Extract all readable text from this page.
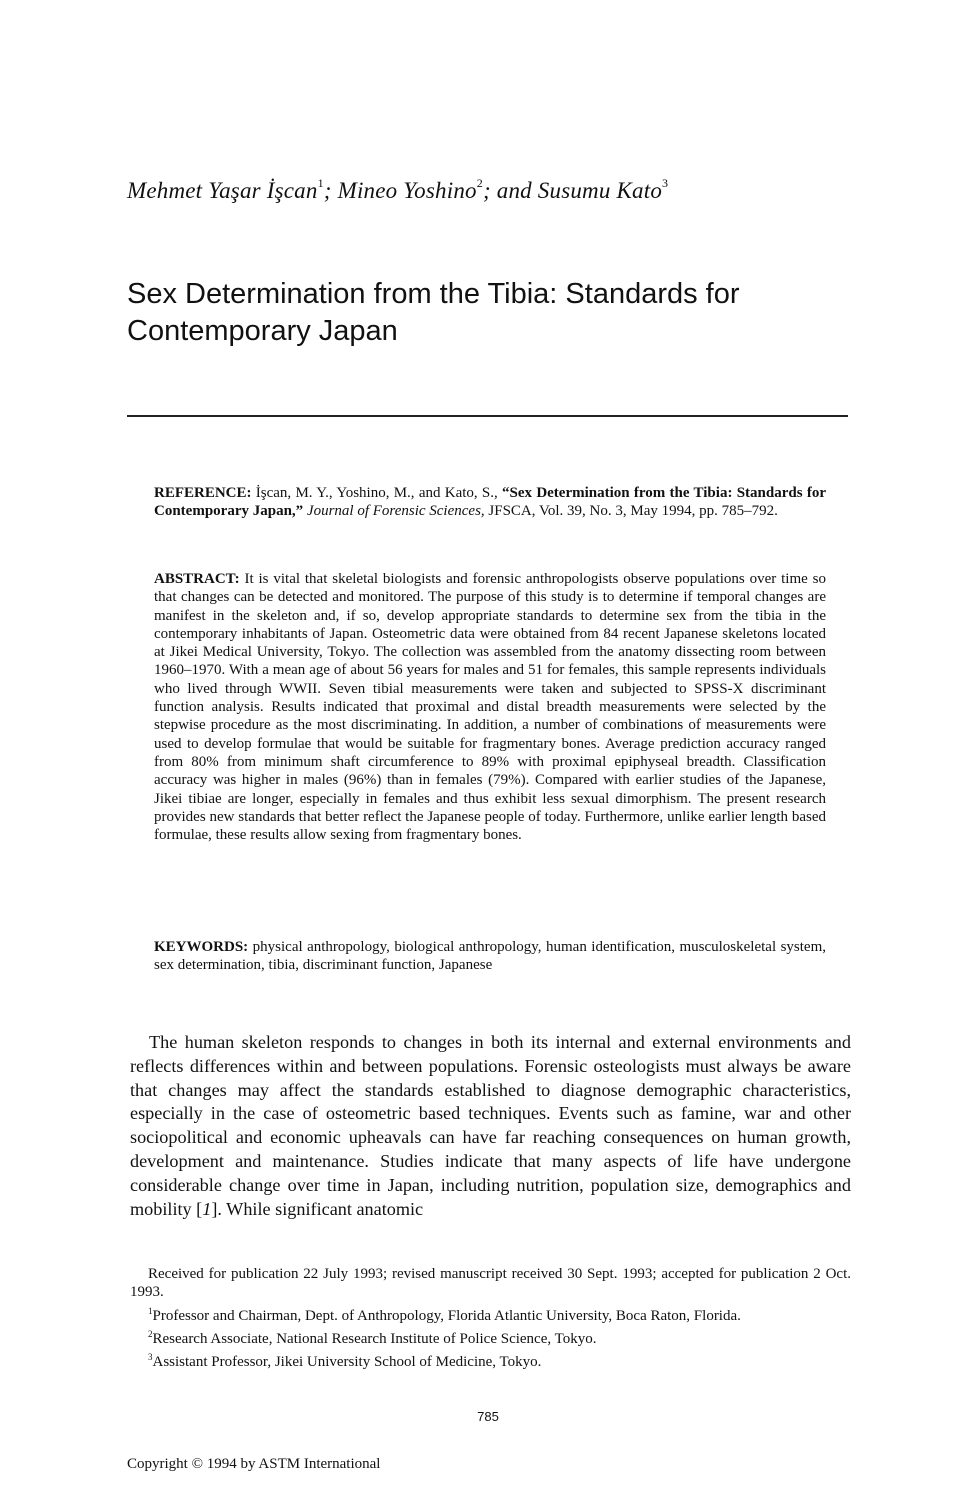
Mehmet Yaşar İşcan$^1$; Mineo Yoshino$^2$; and Susumu Kato$^3$
Sex Determination from the Tibia: Standards for Contemporary Japan
REFERENCE: İşcan, M. Y., Yoshino, M., and Kato, S., “Sex Determination from the Tibia: Standards for Contemporary Japan,” Journal of Forensic Sciences, JFSCA, Vol. 39, No. 3, May 1994, pp. 785–792.
ABSTRACT: It is vital that skeletal biologists and forensic anthropologists observe populations over time so that changes can be detected and monitored. The purpose of this study is to determine if temporal changes are manifest in the skeleton and, if so, develop appropriate standards to determine sex from the tibia in the contemporary inhabitants of Japan. Osteometric data were obtained from 84 recent Japanese skeletons located at Jikei Medical University, Tokyo. The collection was assembled from the anatomy dissecting room between 1960–1970. With a mean age of about 56 years for males and 51 for females, this sample represents individuals who lived through WWII. Seven tibial measurements were taken and subjected to SPSS-X discriminant function analysis. Results indicated that proximal and distal breadth measurements were selected by the stepwise procedure as the most discriminating. In addition, a number of combinations of measurements were used to develop formulae that would be suitable for fragmentary bones. Average prediction accuracy ranged from 80% from minimum shaft circumference to 89% with proximal epiphyseal breadth. Classification accuracy was higher in males (96%) than in females (79%). Compared with earlier studies of the Japanese, Jikei tibiae are longer, especially in females and thus exhibit less sexual dimorphism. The present research provides new standards that better reflect the Japanese people of today. Furthermore, unlike earlier length based formulae, these results allow sexing from fragmentary bones.
KEYWORDS: physical anthropology, biological anthropology, human identification, musculoskeletal system, sex determination, tibia, discriminant function, Japanese

The human skeleton responds to changes in both its internal and external environments and reflects differences within and between populations. Forensic osteologists must always be aware that changes may affect the standards established to diagnose demographic characteristics, especially in the case of osteometric based techniques. Events such as famine, war and other sociopolitical and economic upheavals can have far reaching consequences on human growth, development and maintenance. Studies indicate that many aspects of life have undergone considerable change over time in Japan, including nutrition, population size, demographics and mobility [1]. While significant anatomic

Received for publication 22 July 1993; revised manuscript received 30 Sept. 1993; accepted for publication 2 Oct. 1993.

$^1$Professor and Chairman, Dept. of Anthropology, Florida Atlantic University, Boca Raton, Florida.

$^2$Research Associate, National Research Institute of Police Science, Tokyo.

$^3$Assistant Professor, Jikei University School of Medicine, Tokyo.

785
Copyright © 1994 by ASTM International
